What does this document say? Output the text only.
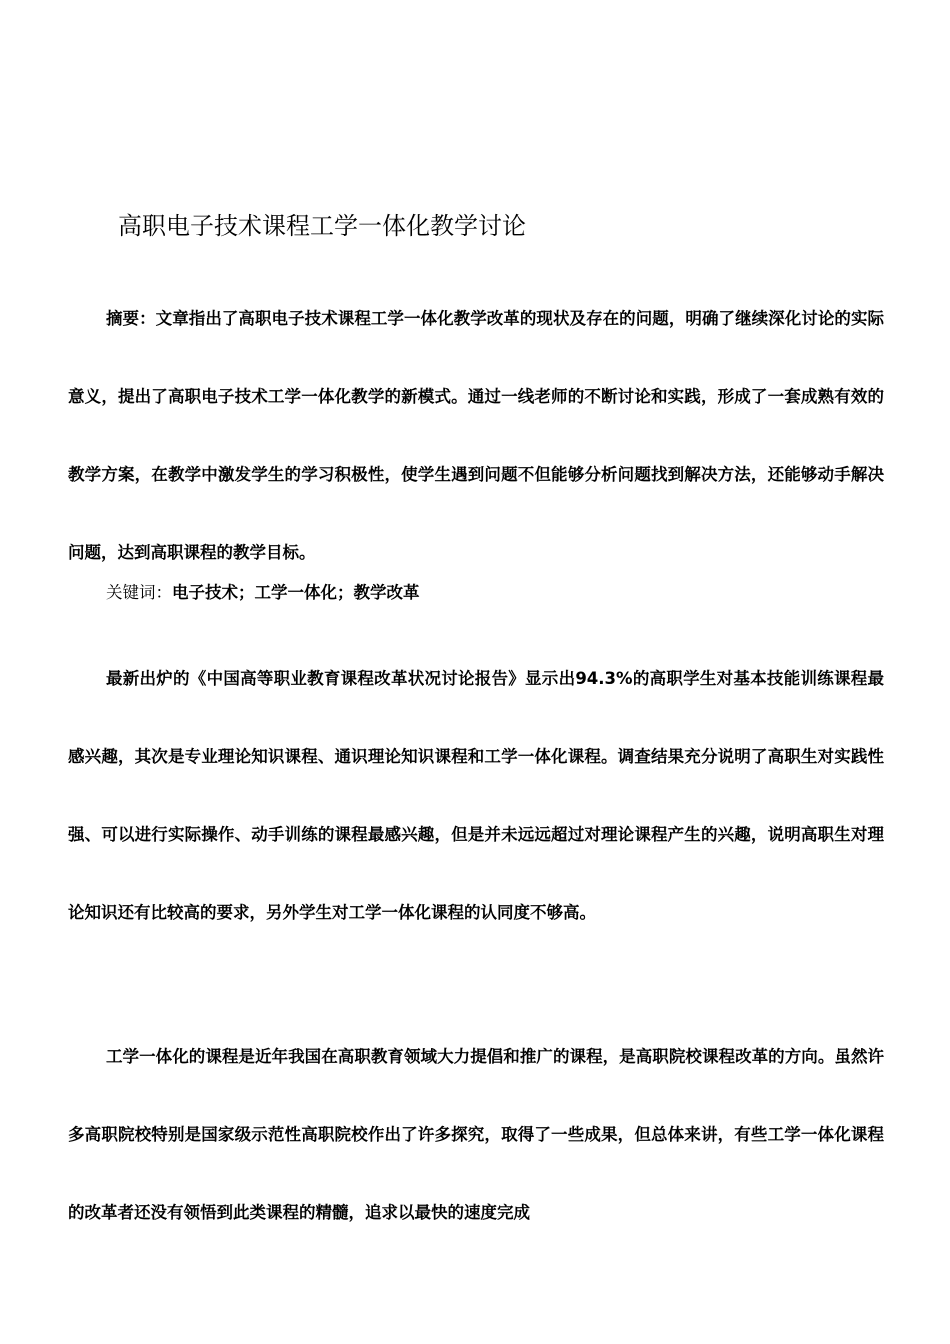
高职电子技术课程工学一体化教学讨论

摘要：文章指出了高职电子技术课程工学一体化教学改革的现状及存在的问题，明确了继续深化讨论的实际意义，提出了高职电子技术工学一体化教学的新模式。通过一线老师的不断讨论和实践，形成了一套成熟有效的教学方案，在教学中激发学生的学习积极性，使学生遇到问题不但能够分析问题找到解决方法，还能够动手解决问题，达到高职课程的教学目标。

关键词：电子技术；工学一体化；教学改革

最新出炉的《中国高等职业教育课程改革状况讨论报告》显示出94.3%的高职学生对基本技能训练课程最感兴趣，其次是专业理论知识课程、通识理论知识课程和工学一体化课程。调查结果充分说明了高职生对实践性强、可以进行实际操作、动手训练的课程最感兴趣，但是并未远远超过对理论课程产生的兴趣，说明高职生对理论知识还有比较高的要求，另外学生对工学一体化课程的认同度不够高。

工学一体化的课程是近年我国在高职教育领域大力提倡和推广的课程，是高职院校课程改革的方向。虽然许多高职院校特别是国家级示范性高职院校作出了许多探究，取得了一些成果，但总体来讲，有些工学一体化课程的改革者还没有领悟到此类课程的精髓，追求以最快的速度完成
